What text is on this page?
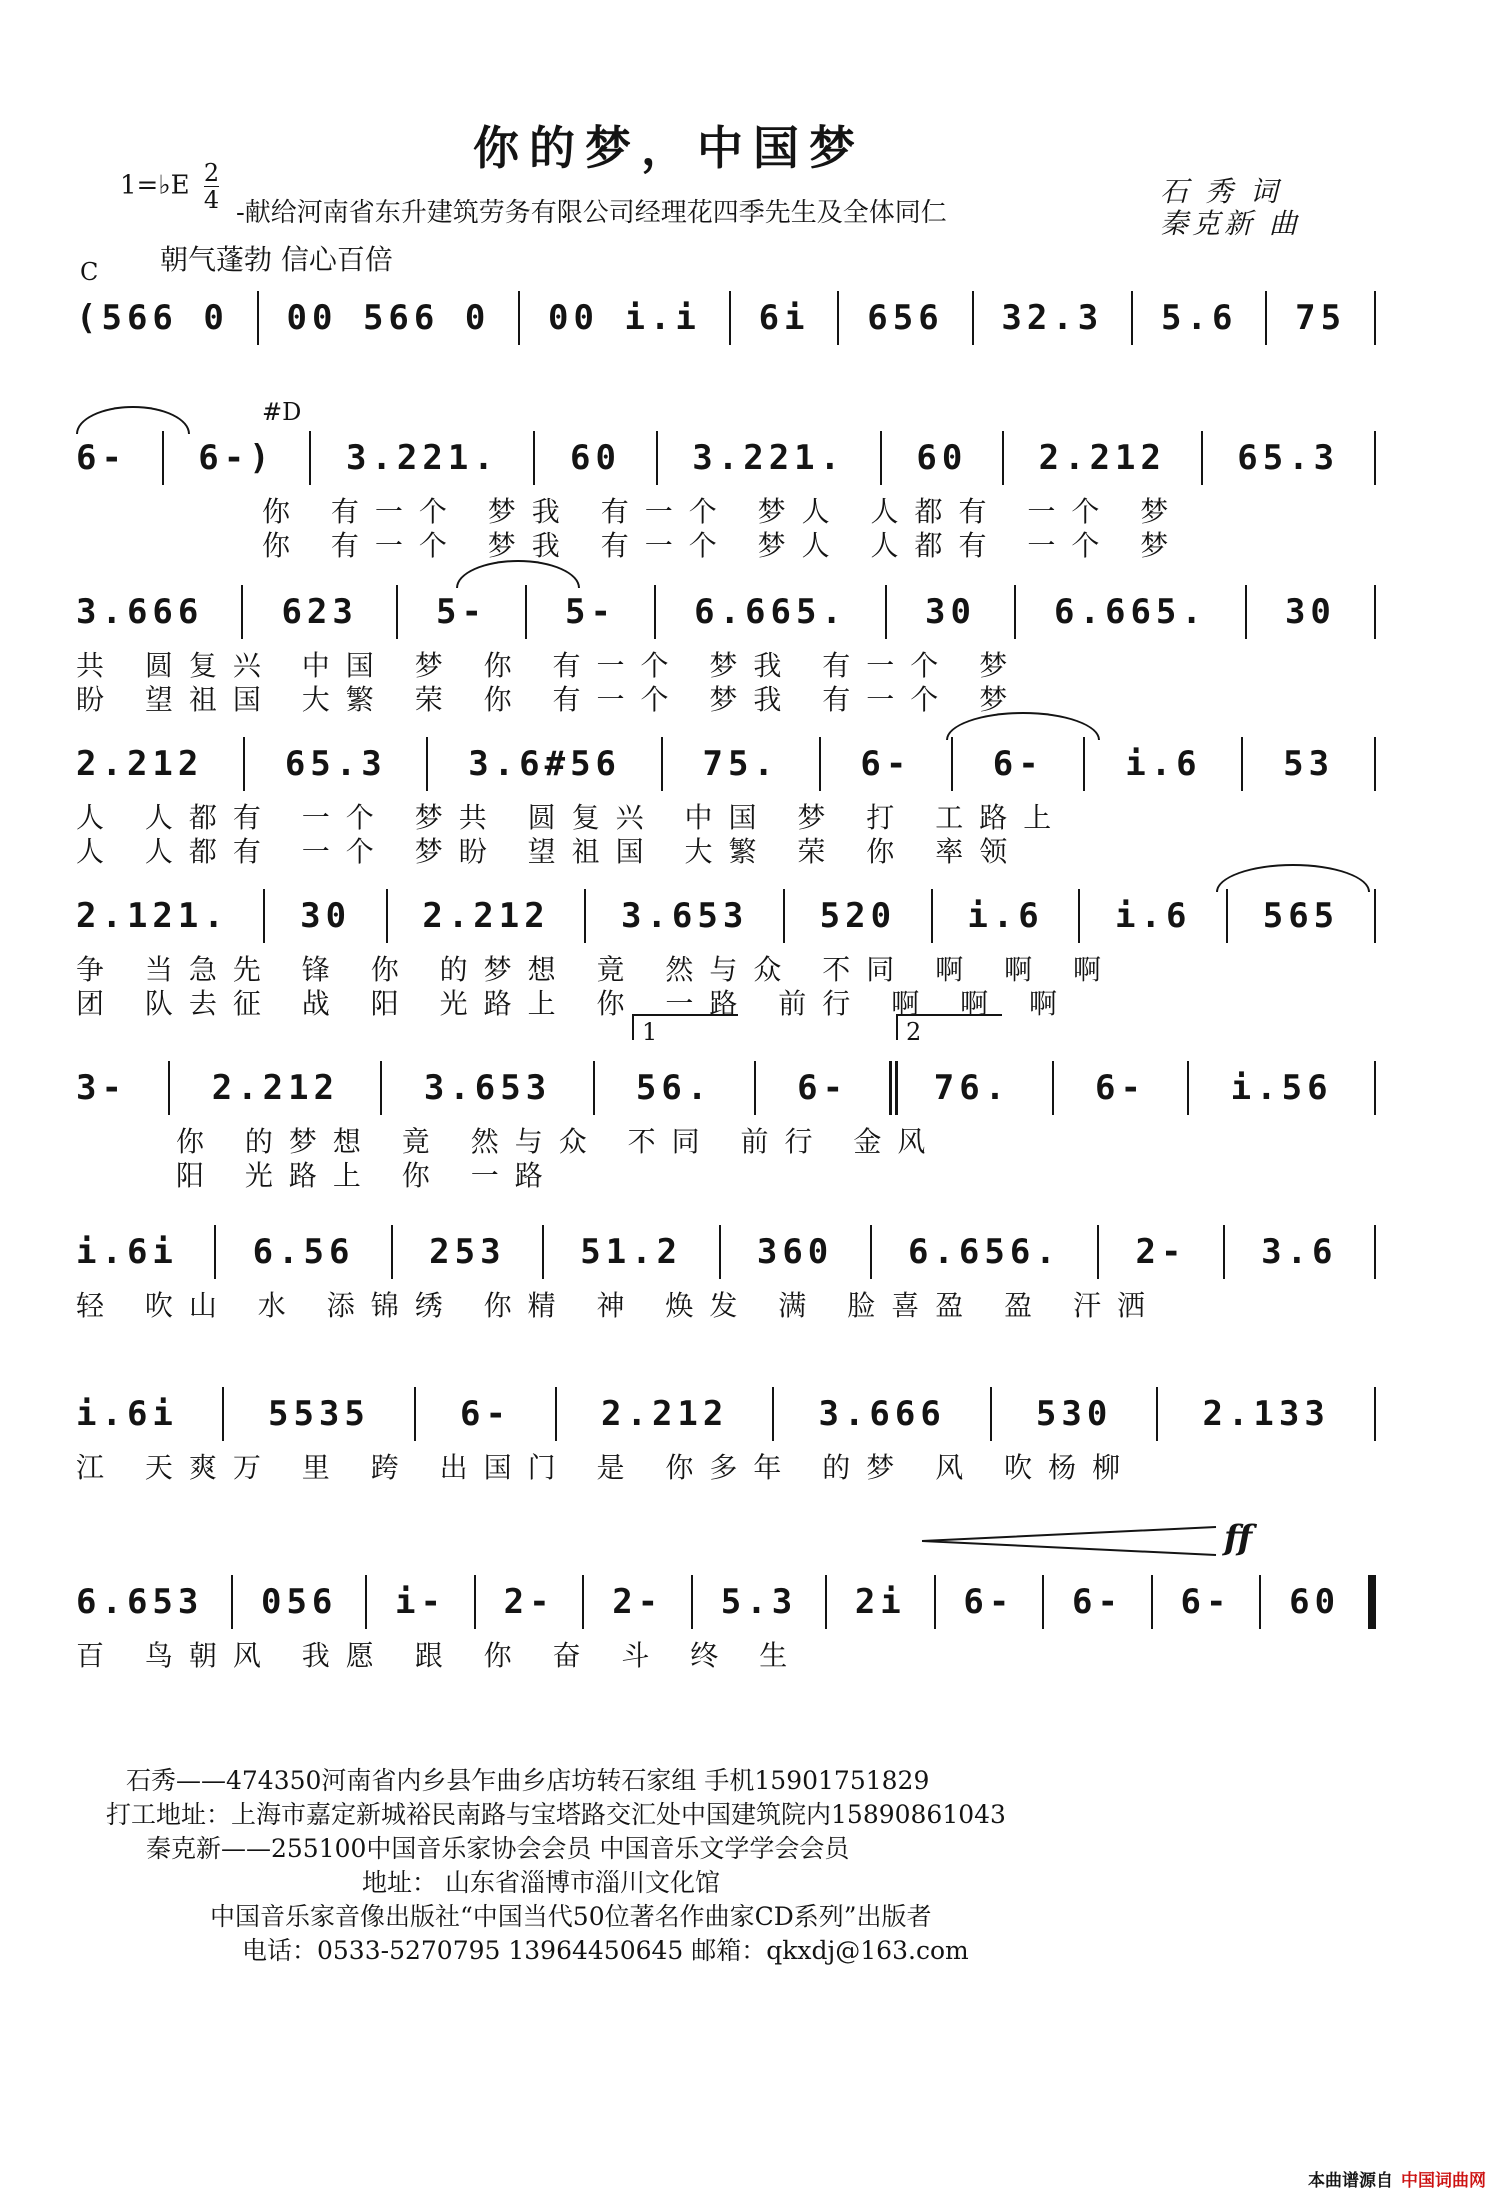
你的梦，中国梦
1=♭E $\frac{2}{4}$ -献给河南省东升建筑劳务有限公司经理花四季先生及全体同仁
石 秀 词
秦克新 曲
朝气蓬勃 信心百倍
C
#D
(566 0 00 566 0 00 i.i 6i 656 32.3 5.6 75
6- 6-) 3.221. 60 3.221. 60 2.212 65.3
你 有一个 梦我 有一个 梦人 人都有 一个 梦
你 有一个 梦我 有一个 梦人 人都有 一个 梦
3.666 623 5- 5- 6.665. 30 6.665. 30
共 圆复兴 中国 梦 你 有一个 梦我 有一个 梦
盼 望祖国 大繁 荣 你 有一个 梦我 有一个 梦
2.212 65.3 3.6#56 75. 6- 6- i.6 53
人 人都有 一个 梦共 圆复兴 中国 梦 打 工路上
人 人都有 一个 梦盼 望祖国 大繁 荣 你 率领
2.121. 30 2.212 3.653 520 i.6 i.6 565
争 当急先 锋 你 的梦想 竟 然与众 不同 啊 啊 啊
团 队去征 战 阳 光路上 你 一路 前行 啊 啊 啊
1	2
3- 2.212 3.653 56. 6-	76. 6- i.56
你 的梦想 竟 然与众 不同 前行 金风
阳 光路上 你 一路
i.6i 6.56 253 51.2 360 6.656. 2- 3.6
轻 吹山 水 添锦绣 你精 神 焕发 满 脸喜盈 盈 汗洒
i.6i	5535	6-	2.212	3.666	530	2.133
江 天爽万 里 跨 出国门 是 你多年 的梦 风 吹杨柳
ff
6.653 056 i- 2- 2- 5.3 2i 6- 6- 6- 60
百 鸟朝风 我愿 跟 你 奋 斗 终 生
石秀——474350河南省内乡县乍曲乡店坊转石家组 手机15901751829
打工地址：上海市嘉定新城裕民南路与宝塔路交汇处中国建筑院内15890861043
秦克新——255100中国音乐家协会会员 中国音乐文学学会会员
地址： 山东省淄博市淄川文化馆
中国音乐家音像出版社“中国当代50位著名作曲家CD系列”出版者
电话：0533-5270795 13964450645 邮箱：qkxdj@163.com
本曲谱源自 中国词曲网
